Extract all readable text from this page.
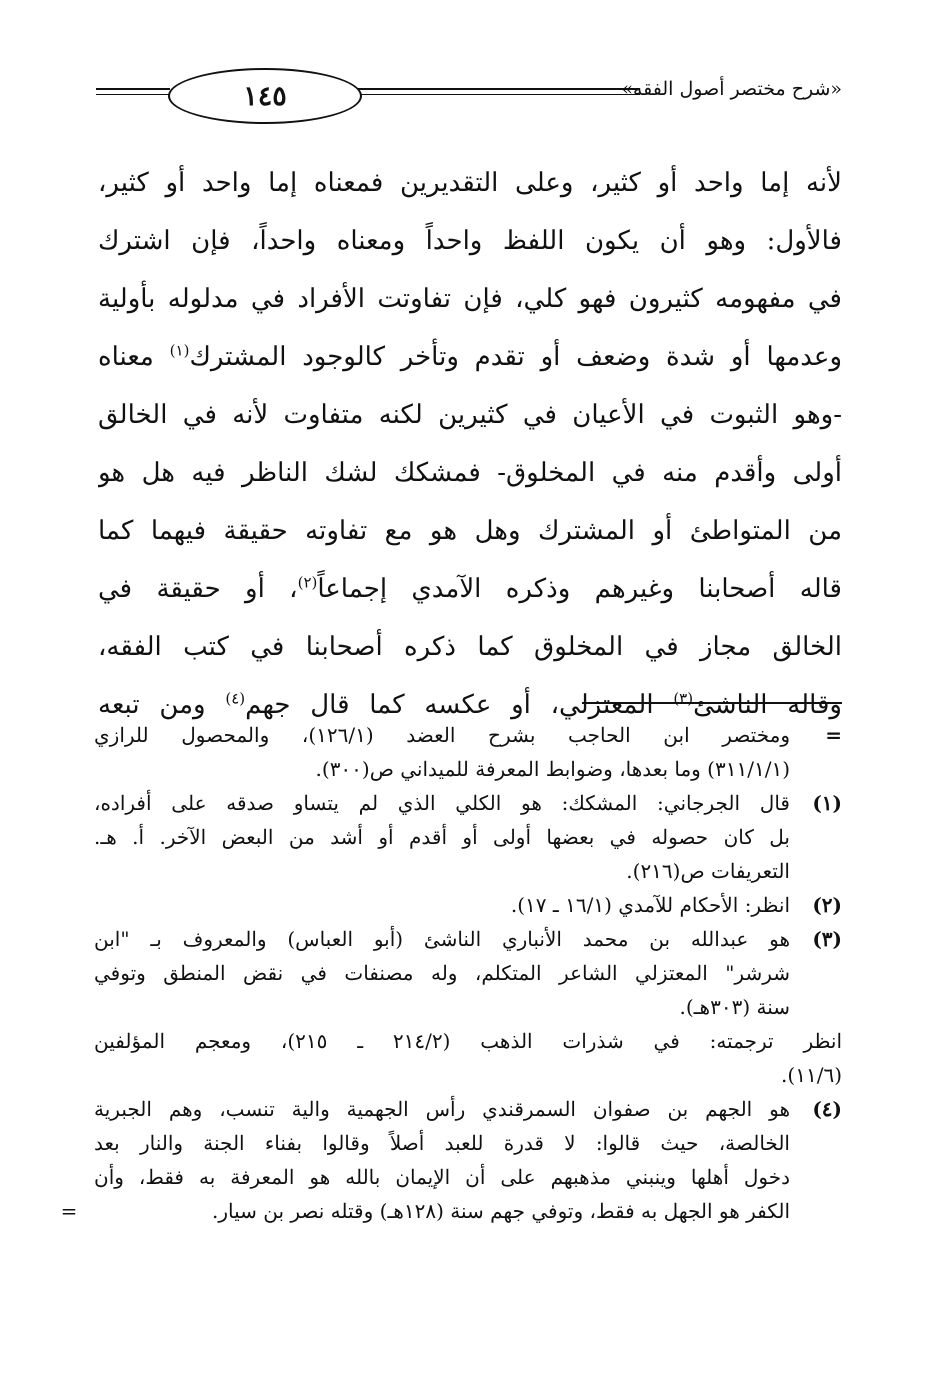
١٤٥	«شرح مختصر أصول الفقه»
لأنه إما واحد أو كثير، وعلى التقديرين فمعناه إما واحد أو كثير،
فالأول: وهو أن يكون اللفظ واحداً ومعناه واحداً، فإن اشترك
في مفهومه كثيرون فهو كلي، فإن تفاوتت الأفراد في مدلوله بأولية
وعدمها أو شدة وضعف أو تقدم وتأخر كالوجود المشترك$^{(١)}$ معناه
-وهو الثبوت في الأعيان في كثيرين لكنه متفاوت لأنه في الخالق
أولى وأقدم منه في المخلوق- فمشكك لشك الناظر فيه هل هو
من المتواطئ أو المشترك وهل هو مع تفاوته حقيقة فيهما كما
قاله أصحابنا وغيرهم وذكره الآمدي إجماعاً$^{(٢)}$، أو حقيقة في
الخالق مجاز في المخلوق كما ذكره أصحابنا في كتب الفقه،
وقاله الناشئ$^{(٣)}$ المعتزلي، أو عكسه كما قال جهم$^{(٤)}$ ومن تبعه
=
ومختصر ابن الحاجب بشرح العضد (١٢٦/١)، والمحصول للرازي
(٣١١/١/١) وما بعدها، وضوابط المعرفة للميداني ص(٣٠٠).
(١)
قال الجرجاني: المشكك: هو الكلي الذي لم يتساو صدقه على أفراده،
بل كان حصوله في بعضها أولى أو أقدم أو أشد من البعض الآخر. أ. هـ.
التعريفات ص(٢١٦).
(٢)
انظر: الأحكام للآمدي (١٦/١ ـ ١٧).
(٣)
هو عبدالله بن محمد الأنباري الناشئ (أبو العباس) والمعروف بـ "ابن
شرشر" المعتزلي الشاعر المتكلم، وله مصنفات في نقض المنطق وتوفي
سنة (٣٠٣هـ).
انظر ترجمته: في شذرات الذهب (٢١٤/٢ ـ ٢١٥)، ومعجم المؤلفين
(١١/٦).
(٤)
هو الجهم بن صفوان السمرقندي رأس الجهمية والية تنسب، وهم الجبرية
الخالصة، حيث قالوا: لا قدرة للعبد أصلاً وقالوا بفناء الجنة والنار بعد
دخول أهلها وينبني مذهبهم على أن الإيمان بالله هو المعرفة به فقط، وأن
الكفر هو الجهل به فقط، وتوفي جهم سنة (١٢٨هـ) وقتله نصر بن سيار.
=
